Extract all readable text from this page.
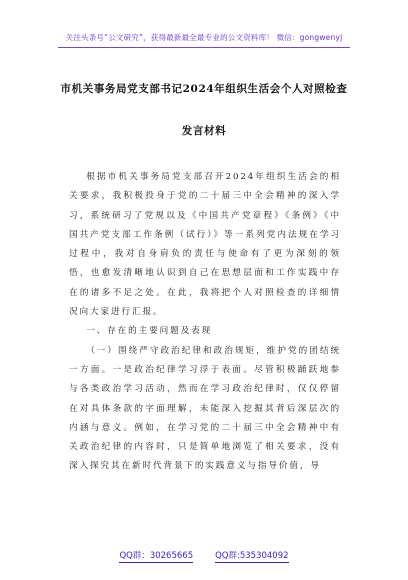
关注头条号“公文研究”，获得最新最全最专业的公文资料库！ 微信：gongwenyj
市机关事务局党支部书记2024年组织生活会个人对照检查
发言材料

根据市机关事务局党支部召开2024年组织生活会的相关要求，我积极投身于党的二十届三中全会精神的深入学习，系统研习了党规以及《中国共产党章程》《条例》《中国共产党支部工作条例（试行）》等一系列党内法规在学习过程中，我对自身肩负的责任与使命有了更为深刻的领悟，也愈发清晰地认识到自己在思想层面和工作实践中存在的诸多不足之处。在此，我将把个人对照检查的详细情况向大家进行汇报。

一、存在的主要问题及表现

（一）围绕严守政治纪律和政治规矩，维护党的团结统一方面。一是政治纪律学习浮于表面。尽管积极踊跃地参与各类政治学习活动，然而在学习政治纪律时，仅仅停留在对具体条款的字面理解，未能深入挖掘其背后深层次的内涵与意义。例如，在学习党的二十届三中全会精神中有关政治纪律的内容时，只是简单地浏览了相关要求，没有深入探究其在新时代背景下的实践意义与指导价值，导

QQ群：30265665	QQ群:535304092
